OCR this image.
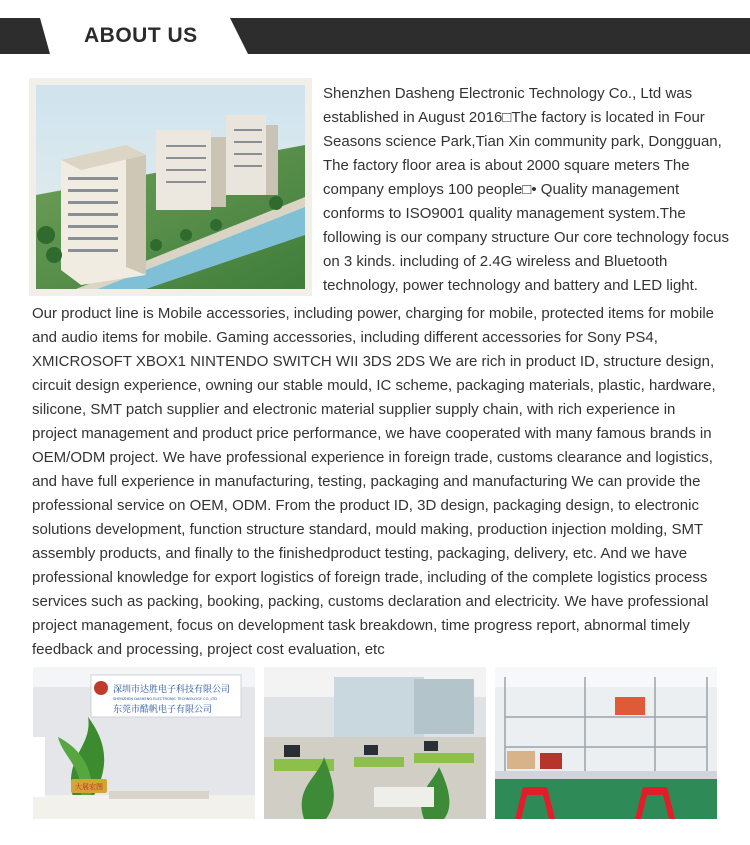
ABOUT US

Shenzhen Dasheng Electronic Technology Co., Ltd was established in August 2016□The factory is located in Four Seasons science Park,Tian Xin community park, Dongguan, The factory floor area is about 2000 square meters The company employs 100 people□• Quality management conforms to ISO9001 quality management system.The following is our company structure Our core technology focus on 3 kinds. including of 2.4G wireless and Bluetooth technology, power technology and battery and LED light.

Our product line is Mobile accessories, including power, charging for mobile, protected items for mobile and audio items for mobile. Gaming accessories, including different accessories for Sony PS4, XMICROSOFT XBOX1 NINTENDO SWITCH WII 3DS 2DS We are rich in product ID, structure design, circuit design experience, owning our stable mould, IC scheme, packaging materials, plastic, hardware, silicone, SMT patch supplier and electronic material supplier supply chain, with rich experience in project management and product price performance, we have cooperated with many famous brands in OEM/ODM project. We have professional experience in foreign trade, customs clearance and logistics, and have full experience in manufacturing, testing, packaging and manufacturing We can provide the professional service on OEM, ODM. From the product ID, 3D design, packaging design, to electronic solutions development, function structure standard, mould making, production injection molding, SMT assembly products, and finally to the finishedproduct testing, packaging, delivery, etc. And we have professional knowledge for export logistics of foreign trade, including of the complete logistics process services such as packing, booking, packing, customs declaration and electricity. We have professional project management, focus on development task breakdown, time progress report, abnormal timely feedback and processing, project cost evaluation, etc

深圳市达胜电子科技有限公司
SHENZHEN DASHENG ELECTRONIC TECHNOLOGY CO.,LTD
东莞市酷帆电子有限公司
大展宏图
